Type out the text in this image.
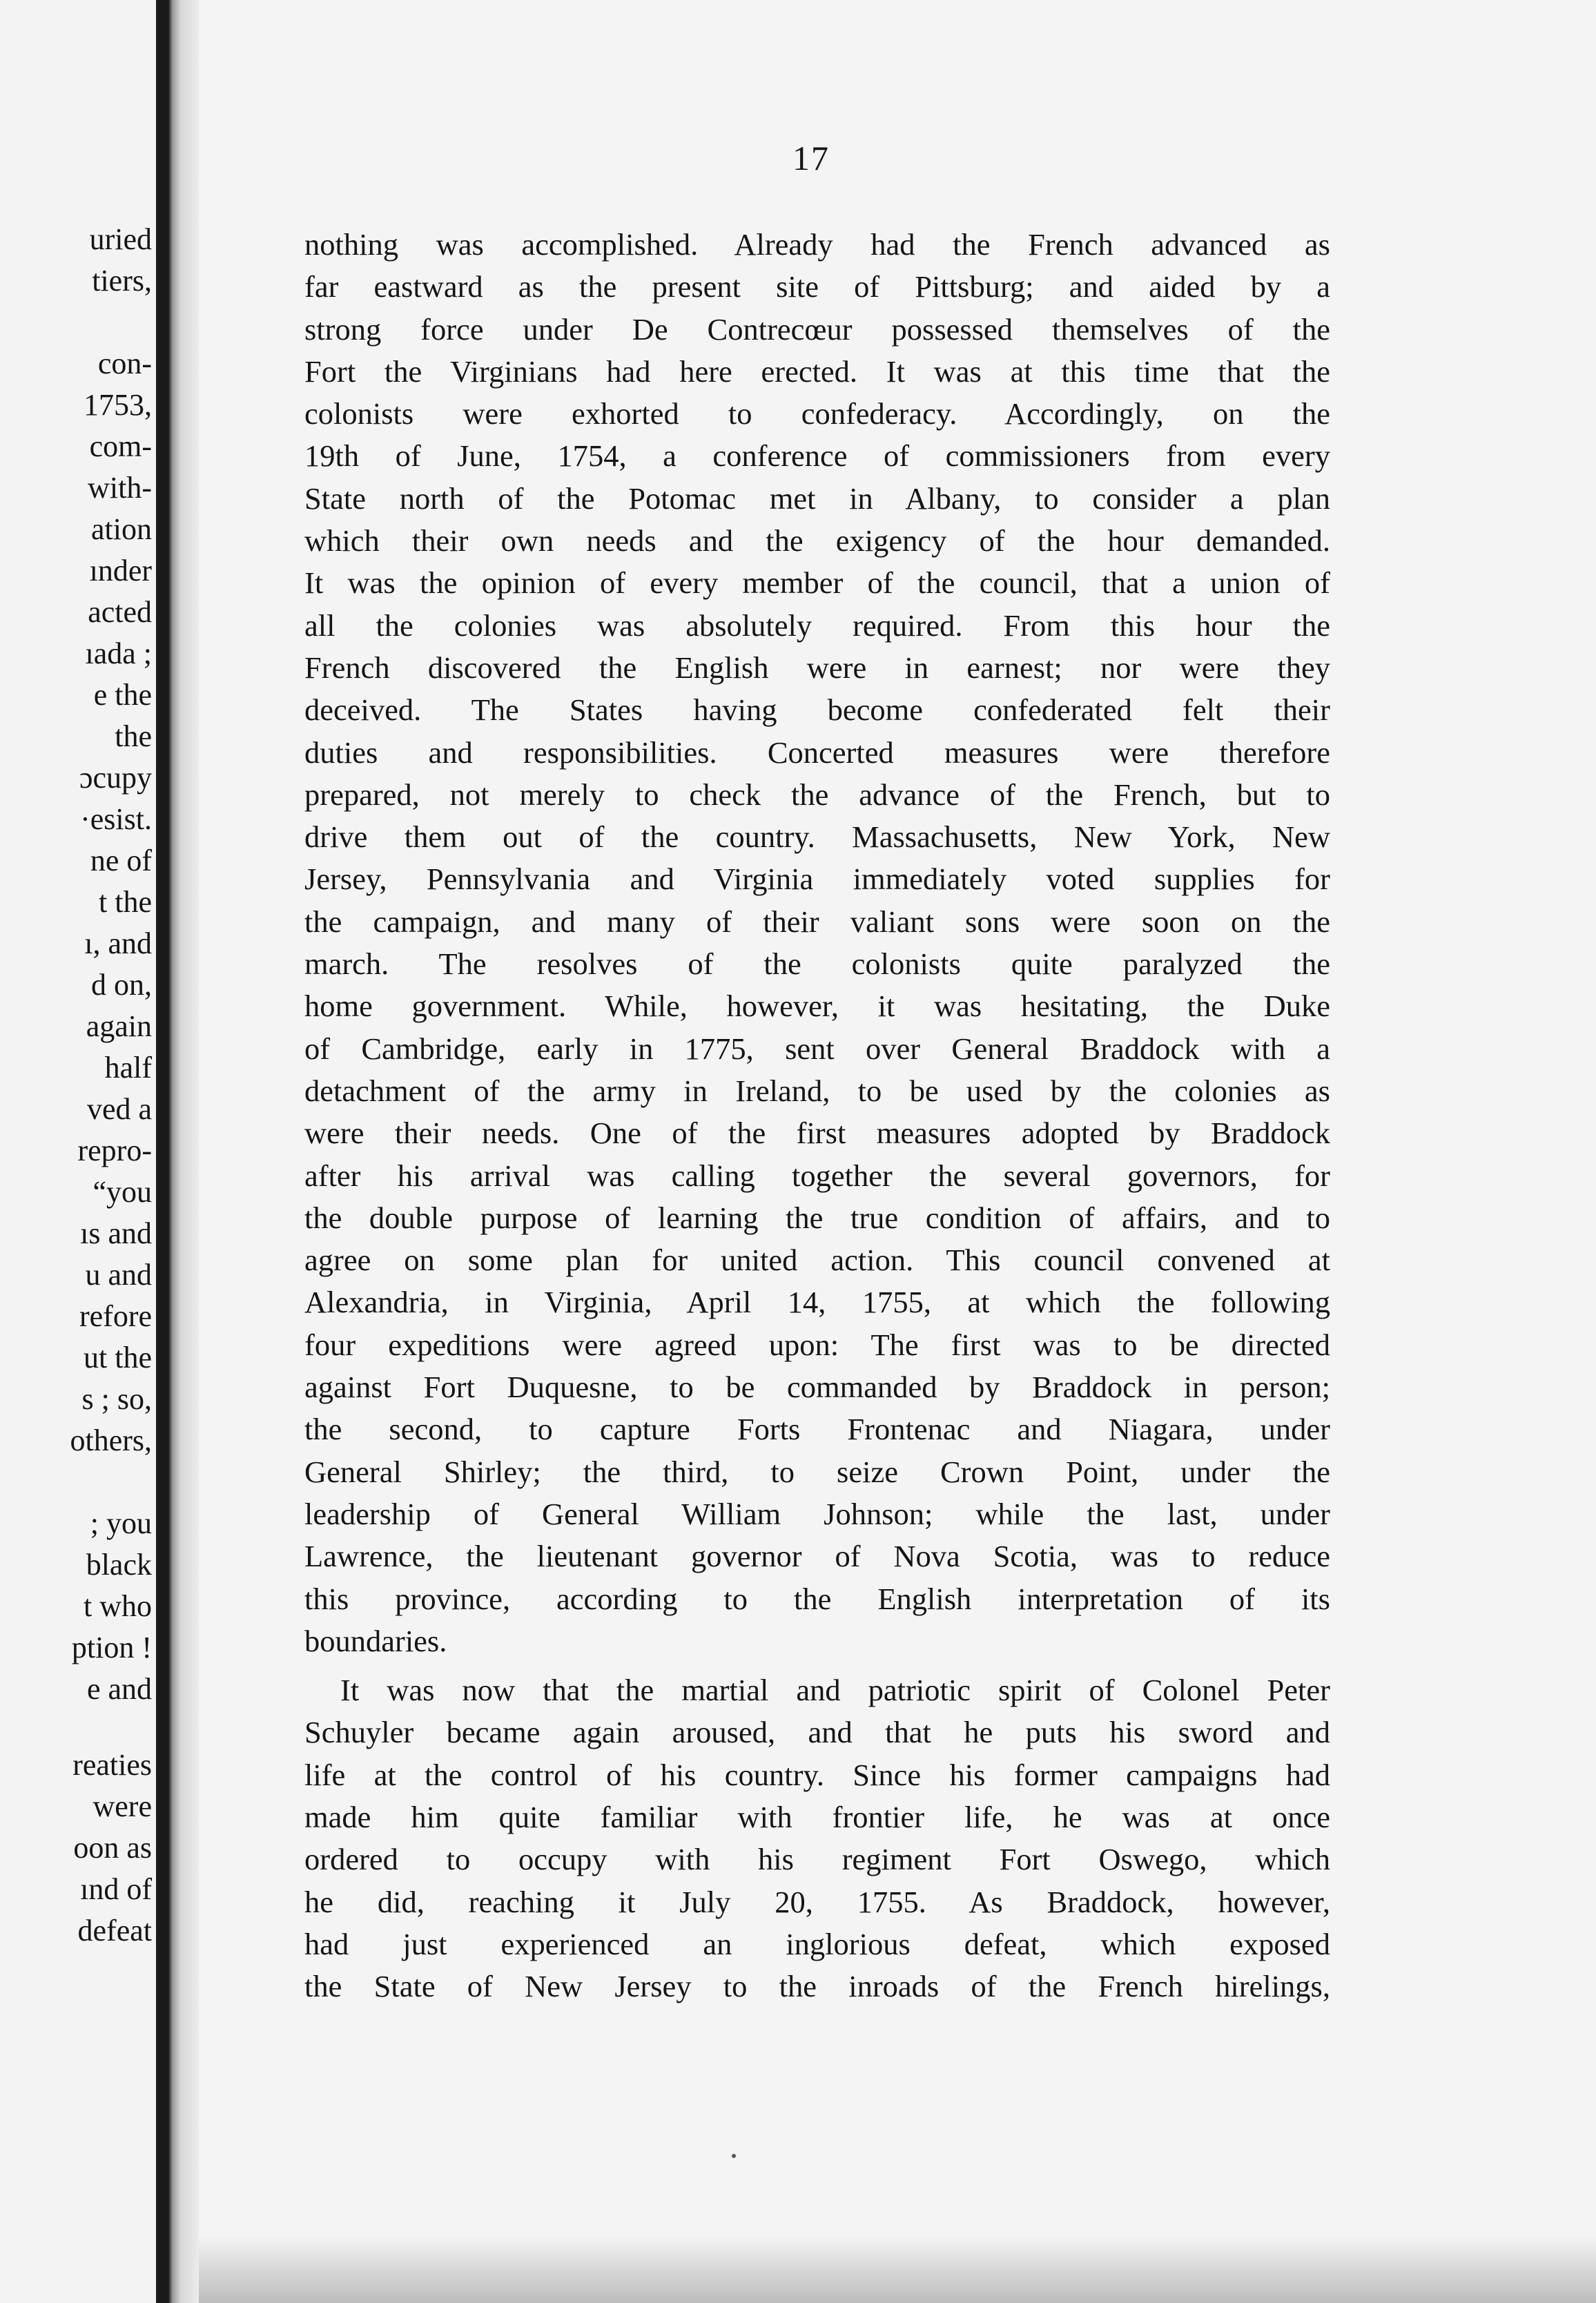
uried
tiers,
con-
1753,
com-
with-
ation
ınder
acted
ıada ;
e the
the
ɔcupy
·esist.
ne of
t the
ı, and
d on,
again
half
ved a
repro-
“you
ıs and
u and
refore
ut the
s ; so,
others,
; you
black
t who
ption !
e and
reaties
were
oon as
ınd of
defeat
17
nothing was accomplished. Already had the French advanced as
far eastward as the present site of Pittsburg; and aided by a
strong force under De Contrecœur possessed themselves of the
Fort the Virginians had here erected. It was at this time that the
colonists were exhorted to confederacy. Accordingly, on the
19th of June, 1754, a conference of commissioners from every
State north of the Potomac met in Albany, to consider a plan
which their own needs and the exigency of the hour demanded.
It was the opinion of every member of the council, that a union of
all the colonies was absolutely required. From this hour the
French discovered the English were in earnest; nor were they
deceived. The States having become confederated felt their
duties and responsibilities. Concerted measures were therefore
prepared, not merely to check the advance of the French, but to
drive them out of the country. Massachusetts, New York, New
Jersey, Pennsylvania and Virginia immediately voted supplies for
the campaign, and many of their valiant sons were soon on the
march. The resolves of the colonists quite paralyzed the
home government. While, however, it was hesitating, the Duke
of Cambridge, early in 1775, sent over General Braddock with a
detachment of the army in Ireland, to be used by the colonies as
were their needs. One of the first measures adopted by Braddock
after his arrival was calling together the several governors, for
the double purpose of learning the true condition of affairs, and to
agree on some plan for united action. This council convened at
Alexandria, in Virginia, April 14, 1755, at which the following
four expeditions were agreed upon: The first was to be directed
against Fort Duquesne, to be commanded by Braddock in person;
the second, to capture Forts Frontenac and Niagara, under
General Shirley; the third, to seize Crown Point, under the
leadership of General William Johnson; while the last, under
Lawrence, the lieutenant governor of Nova Scotia, was to reduce
this province, according to the English interpretation of its
boundaries.
It was now that the martial and patriotic spirit of Colonel Peter
Schuyler became again aroused, and that he puts his sword and
life at the control of his country. Since his former campaigns had
made him quite familiar with frontier life, he was at once
ordered to occupy with his regiment Fort Oswego, which
he did, reaching it July 20, 1755. As Braddock, however,
had just experienced an inglorious defeat, which exposed
the State of New Jersey to the inroads of the French hirelings,
